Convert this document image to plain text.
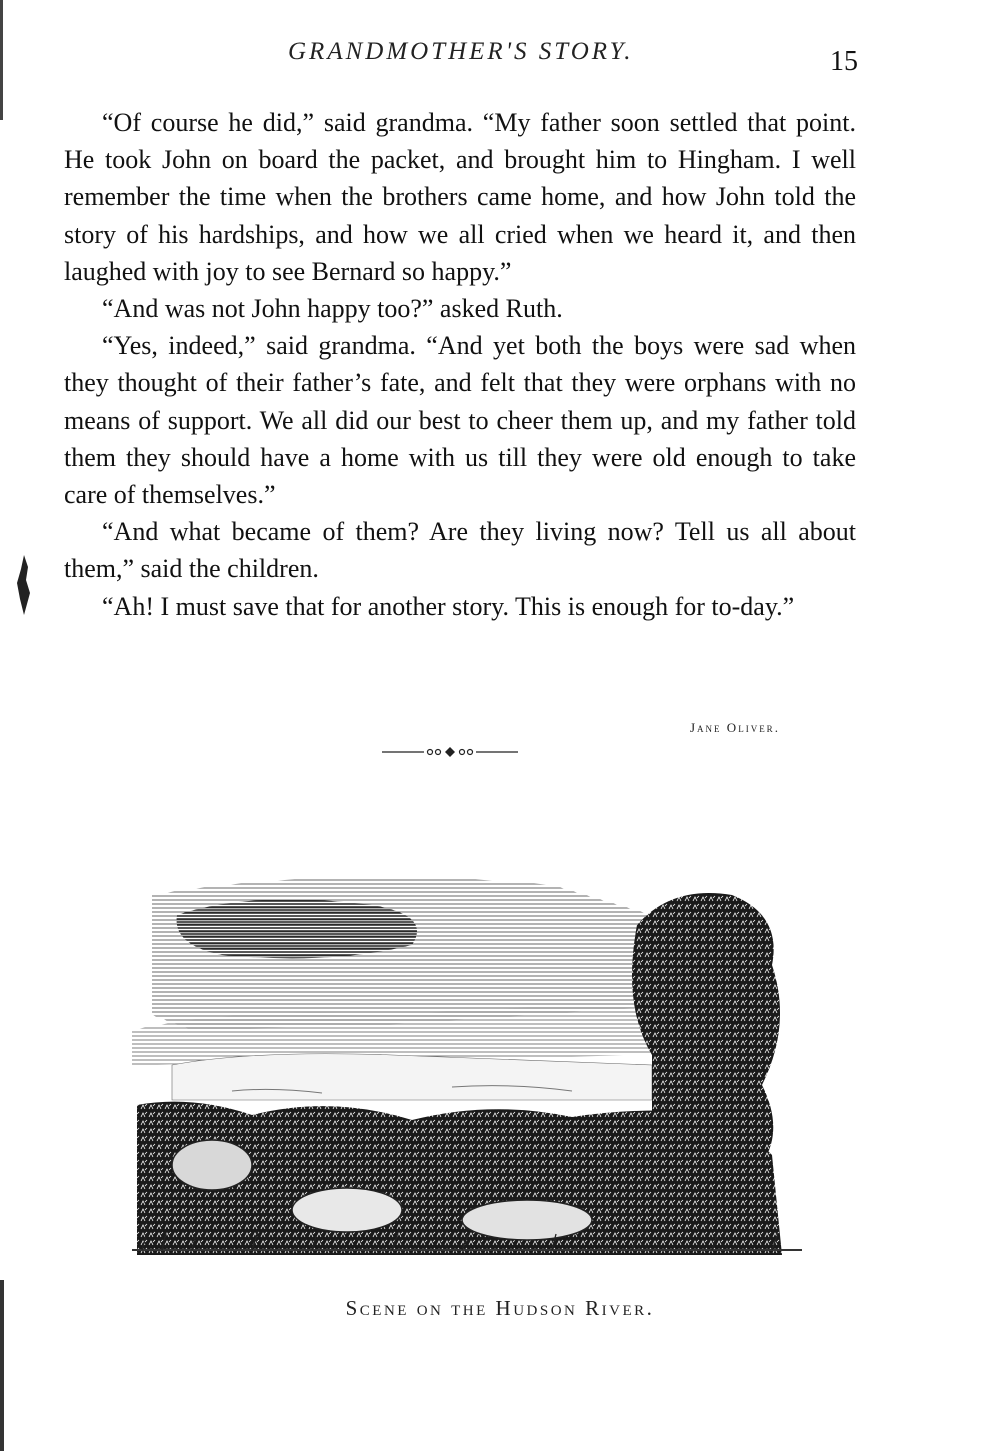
GRANDMOTHER'S STORY.	15

“Of course he did,” said grandma. “My father soon settled that point. He took John on board the packet, and brought him to Hingham. I well remember the time when the brothers came home, and how John told the story of his hardships, and how we all cried when we heard it, and then laughed with joy to see Bernard so happy.”

“And was not John happy too?” asked Ruth.

“Yes, indeed,” said grandma. “And yet both the boys were sad when they thought of their father’s fate, and felt that they were orphans with no means of support. We all did our best to cheer them up, and my father told them they should have a home with us till they were old enough to take care of themselves.”

“And what became of them? Are they living now? Tell us all about them,” said the children.

“Ah! I must save that for another story. This is enough for to-day.”

Jane Oliver.
Scene on the Hudson River.
